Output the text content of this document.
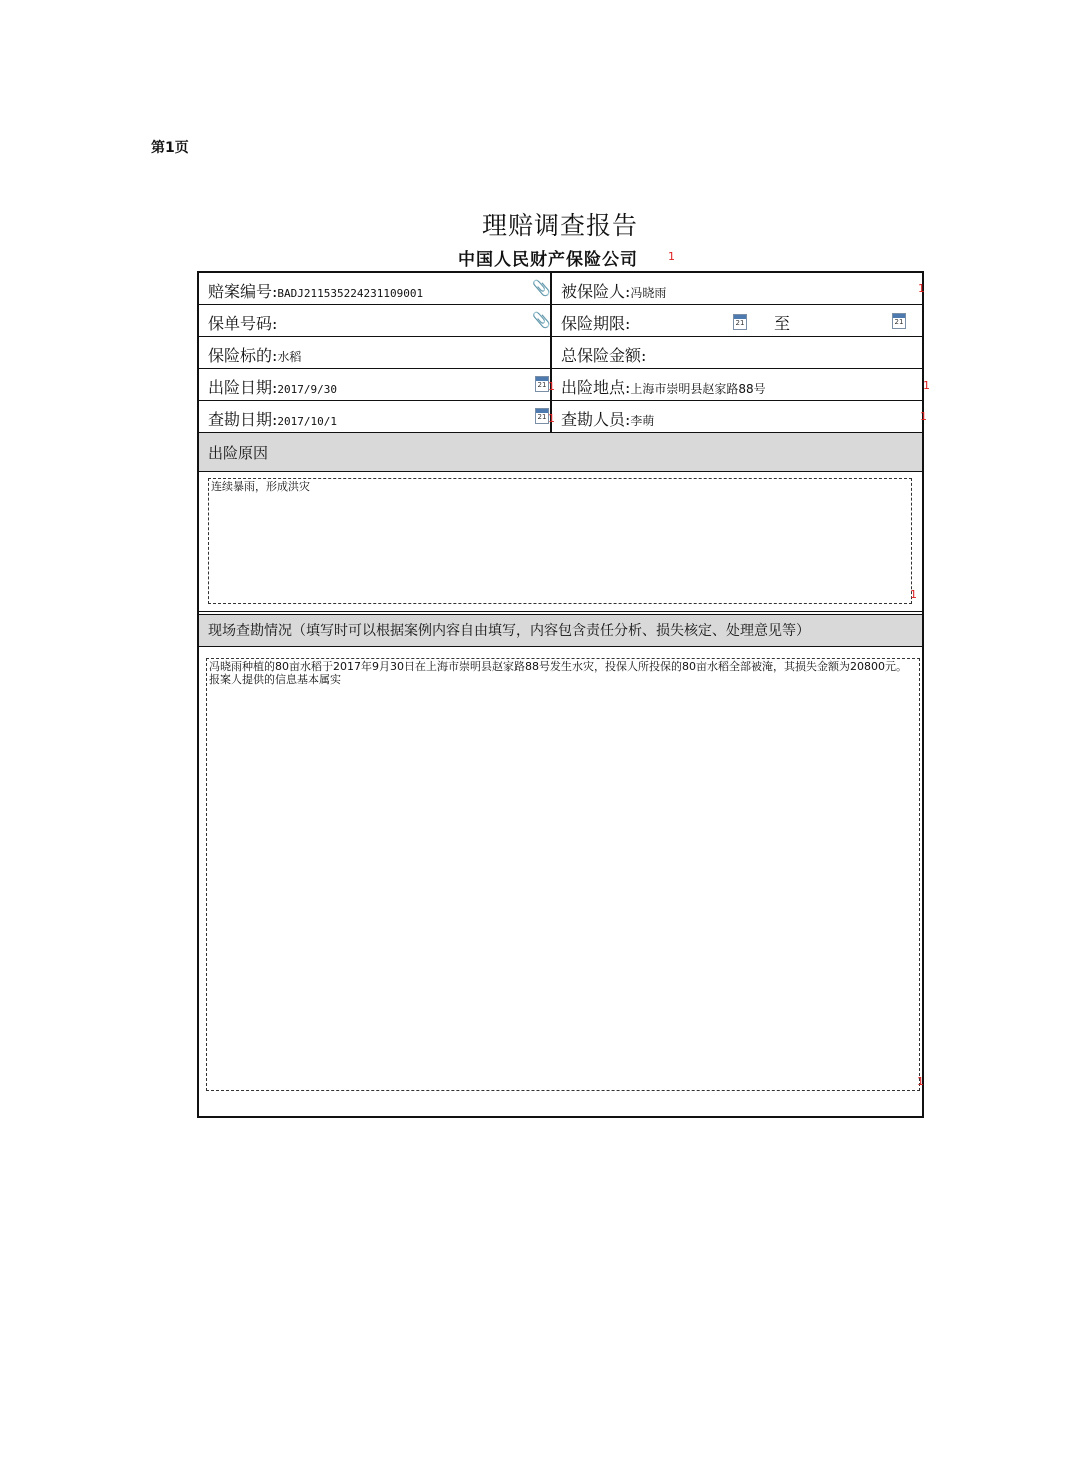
第1页
理赔调查报告
中国人民财产保险公司	1
赔案编号:BADJ211535224231109001	📎 被保险人:冯晓雨
保单号码:	📎 保险期限:	21 至	21
保险标的:水稻	总保险金额:
出险日期:2017/9/30	21 出险地点:上海市崇明县赵家路88号
查勘日期:2017/10/1	21 查勘人员:李萌
出险原因
连续暴雨，形成洪灾
现场查勘情况（填写时可以根据案例内容自由填写，内容包含责任分析、损失核定、处理意见等）
冯晓雨种植的80亩水稻于2017年9月30日在上海市崇明县赵家路88号发生水灾，投保人所投保的80亩水稻全部被淹，其损失金额为20800元。报案人提供的信息基本属实
1
1	1
1	1
1
1
